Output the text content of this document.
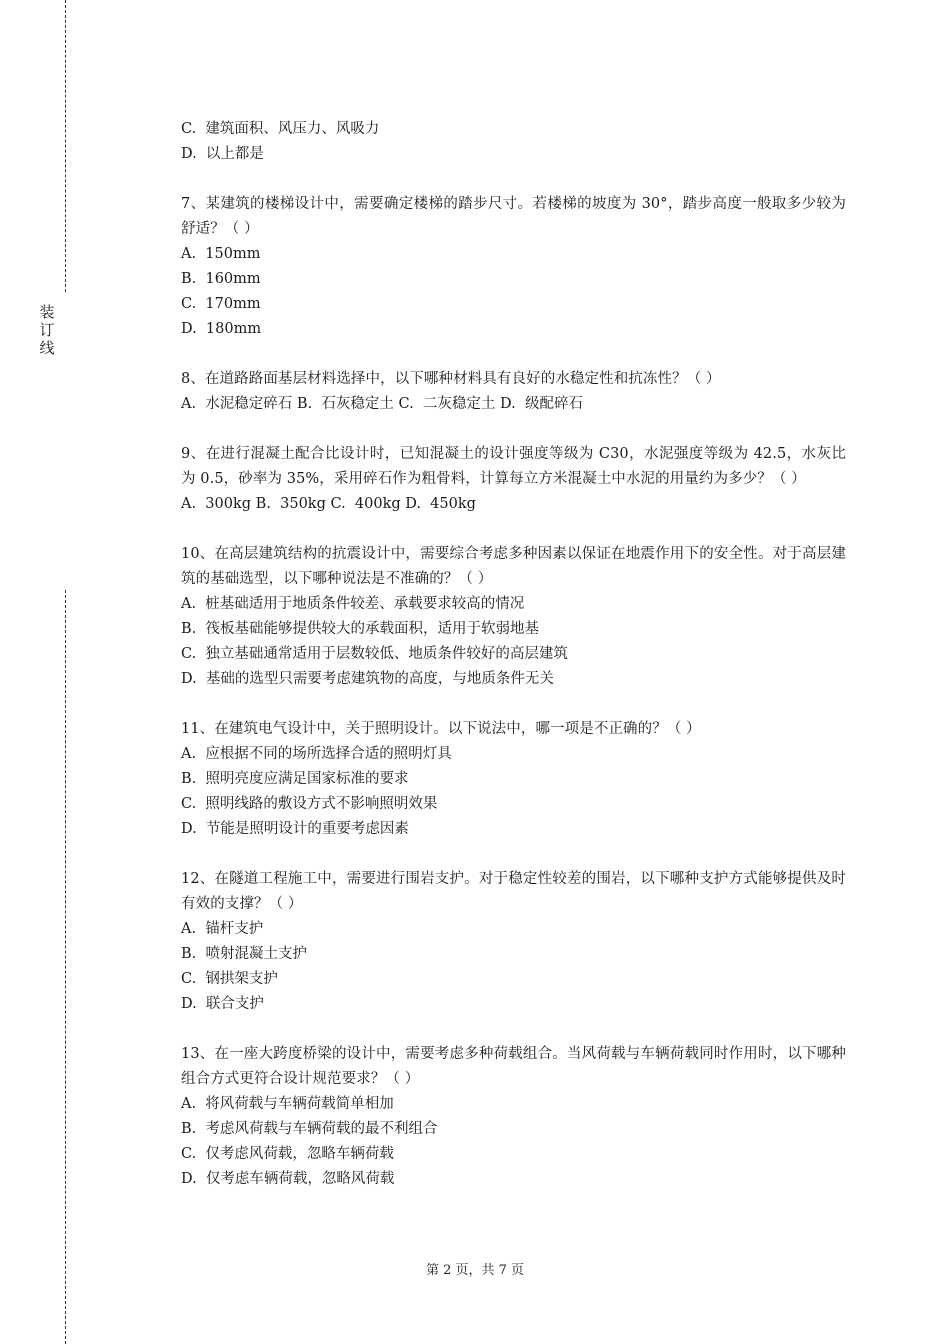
装
订
线

C.  建筑面积、风压力、风吸力

D.  以上都是

7、某建筑的楼梯设计中，需要确定楼梯的踏步尺寸。若楼梯的坡度为 30°，踏步高度一般取多少较为舒适？（ ）

A.  150mm

B.  160mm

C.  170mm

D.  180mm

8、在道路路面基层材料选择中，以下哪种材料具有良好的水稳定性和抗冻性？（ ）

A.  水泥稳定碎石 B.  石灰稳定土 C.  二灰稳定土 D.  级配碎石

9、在进行混凝土配合比设计时，已知混凝土的设计强度等级为 C30，水泥强度等级为 42.5，水灰比为 0.5，砂率为 35%，采用碎石作为粗骨料，计算每立方米混凝土中水泥的用量约为多少？（ ）

A.  300kg B.  350kg C.  400kg D.  450kg

10、在高层建筑结构的抗震设计中，需要综合考虑多种因素以保证在地震作用下的安全性。对于高层建筑的基础选型，以下哪种说法是不准确的？（ ）

A.  桩基础适用于地质条件较差、承载要求较高的情况

B.  筏板基础能够提供较大的承载面积，适用于软弱地基

C.  独立基础通常适用于层数较低、地质条件较好的高层建筑

D.  基础的选型只需要考虑建筑物的高度，与地质条件无关

11、在建筑电气设计中，关于照明设计。以下说法中，哪一项是不正确的？（ ）

A.  应根据不同的场所选择合适的照明灯具

B.  照明亮度应满足国家标准的要求

C.  照明线路的敷设方式不影响照明效果

D.  节能是照明设计的重要考虑因素

12、在隧道工程施工中，需要进行围岩支护。对于稳定性较差的围岩，以下哪种支护方式能够提供及时有效的支撑？（ ）

A.  锚杆支护

B.  喷射混凝土支护

C.  钢拱架支护

D.  联合支护

13、在一座大跨度桥梁的设计中，需要考虑多种荷载组合。当风荷载与车辆荷载同时作用时，以下哪种组合方式更符合设计规范要求？（ ）

A.  将风荷载与车辆荷载简单相加

B.  考虑风荷载与车辆荷载的最不利组合

C.  仅考虑风荷载，忽略车辆荷载

D.  仅考虑车辆荷载，忽略风荷载

第 2 页，共 7 页
